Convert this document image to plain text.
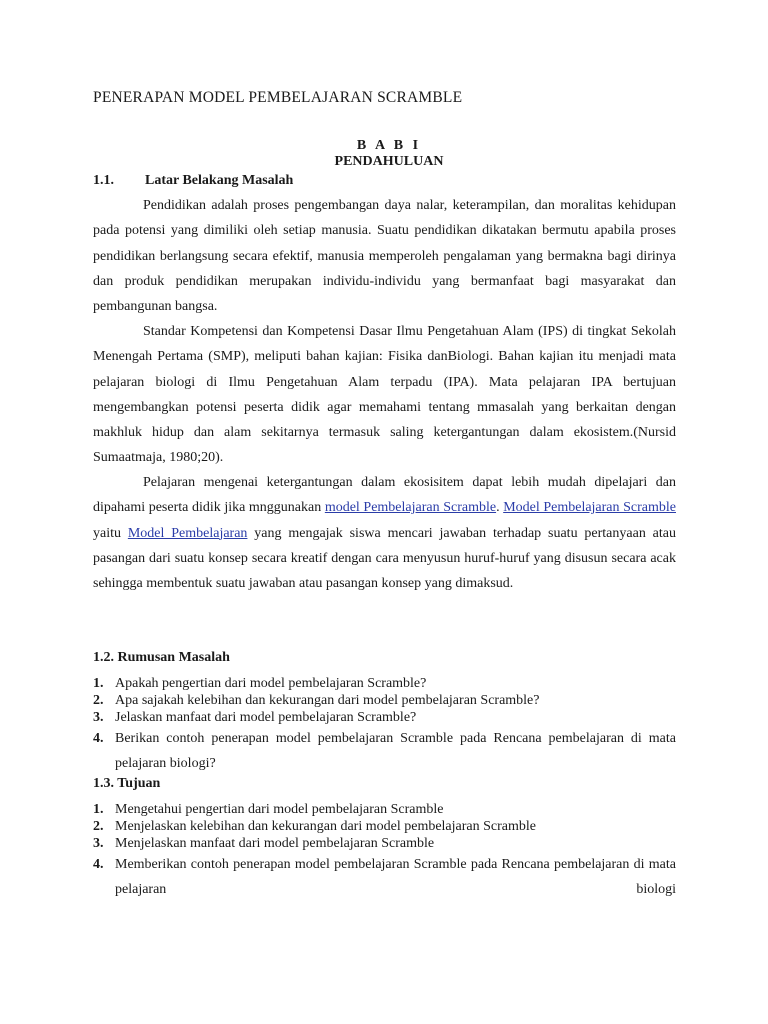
PENERAPAN MODEL PEMBELAJARAN SCRAMBLE
B A B I
PENDAHULUAN
1.1. Latar Belakang Masalah

Pendidikan adalah proses pengembangan daya nalar, keterampilan, dan moralitas kehidupan pada potensi yang dimiliki oleh setiap manusia. Suatu pendidikan dikatakan bermutu apabila proses pendidikan berlangsung secara efektif, manusia memperoleh pengalaman yang bermakna bagi dirinya dan produk pendidikan merupakan individu-individu yang bermanfaat bagi masyarakat dan pembangunan bangsa.

Standar Kompetensi dan Kompetensi Dasar Ilmu Pengetahuan Alam (IPS) di tingkat Sekolah Menengah Pertama (SMP), meliputi bahan kajian: Fisika danBiologi. Bahan kajian itu menjadi mata pelajaran biologi di Ilmu Pengetahuan Alam terpadu (IPA). Mata pelajaran IPA bertujuan mengembangkan potensi peserta didik agar memahami tentang mmasalah yang berkaitan dengan makhluk hidup dan alam sekitarnya termasuk saling ketergantungan dalam ekosistem.(Nursid Sumaatmaja, 1980;20).

Pelajaran mengenai ketergantungan dalam ekosisitem dapat lebih mudah dipelajari dan dipahami peserta didik jika mnggunakan model Pembelajaran Scramble. Model Pembelajaran Scramble yaitu Model Pembelajaran yang mengajak siswa mencari jawaban terhadap suatu pertanyaan atau pasangan dari suatu konsep secara kreatif dengan cara menyusun huruf-huruf yang disusun secara acak sehingga membentuk suatu jawaban atau pasangan konsep yang dimaksud.

1.2. Rumusan Masalah
1. Apakah pengertian dari model pembelajaran Scramble?
2. Apa sajakah kelebihan dan kekurangan dari model pembelajaran Scramble?
3. Jelaskan manfaat dari model pembelajaran Scramble?
4. Berikan contoh penerapan model pembelajaran Scramble pada Rencana pembelajaran di mata pelajaran biologi?
1.3. Tujuan
1. Mengetahui pengertian dari model pembelajaran Scramble
2. Menjelaskan kelebihan dan kekurangan dari model pembelajaran Scramble
3. Menjelaskan manfaat dari model pembelajaran Scramble
4. Memberikan contoh penerapan model pembelajaran Scramble pada Rencana pembelajaran di mata pelajaran biologi
